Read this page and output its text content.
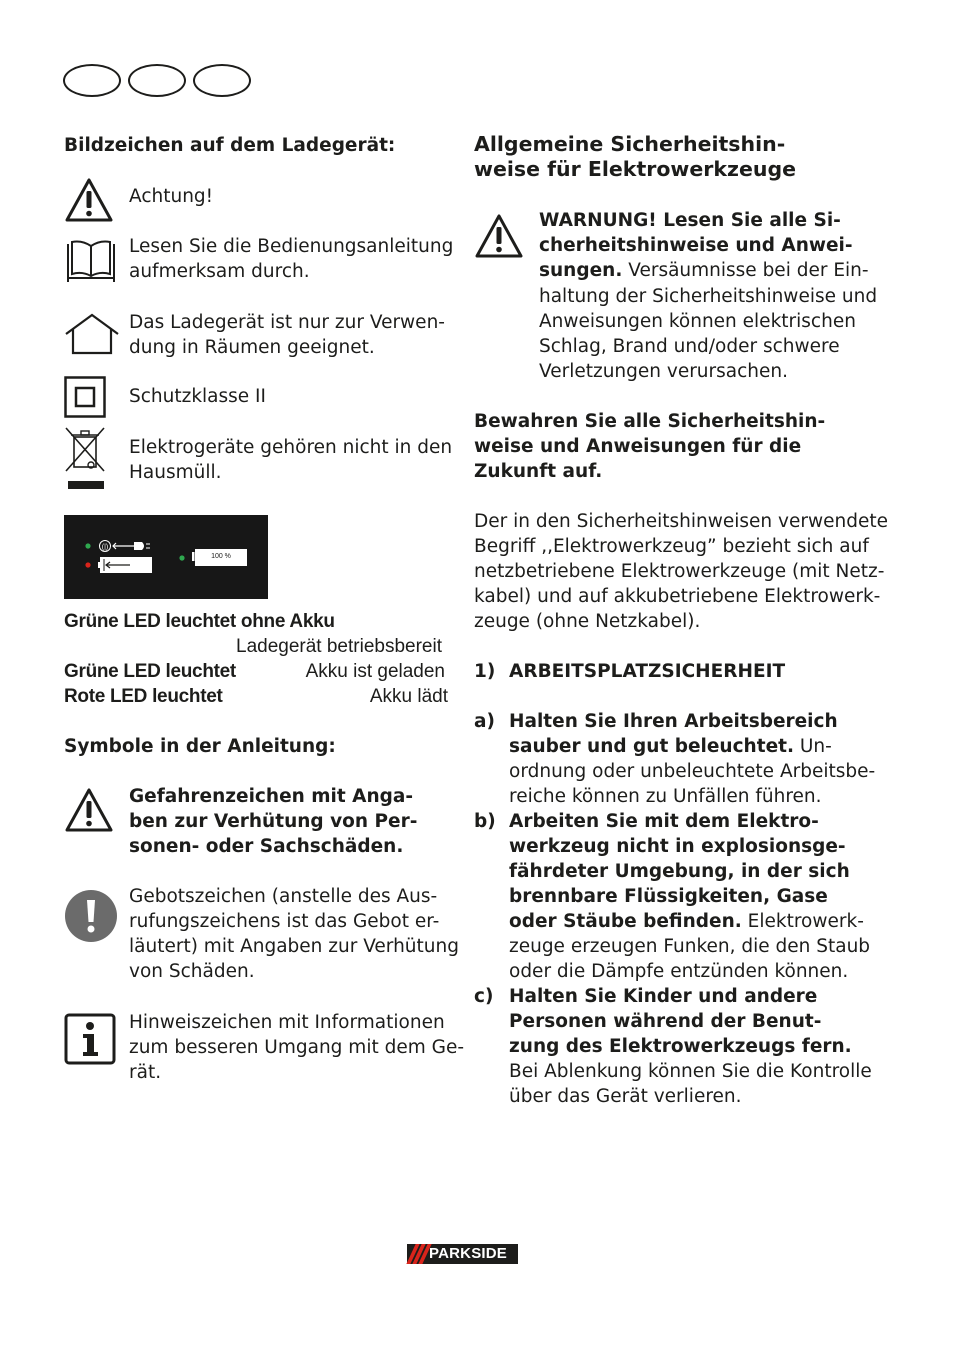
Bildzeichen auf dem Ladegerät:
Achtung!
Lesen Sie die Bedienungsanleitung
aufmerksam durch.
Das Ladegerät ist nur zur Verwen-
dung in Räumen geeignet.
Schutzklasse II
Elektrogeräte gehören nicht in den
Hausmüll.
(|)
100 %
Grüne LED leuchtet ohne Akku
Ladegerät betriebsbereit
Grüne LED leuchtet	Akku ist geladen
Rote LED leuchtet	Akku lädt
Symbole in der Anleitung:
Gefahrenzeichen mit Anga-
ben zur Verhütung von Per-
sonen- oder Sachschäden.
Gebotszeichen (anstelle des Aus-
rufungszeichens ist das Gebot er-
läutert) mit Angaben zur Verhütung
von Schäden.
Hinweiszeichen mit Informationen
zum besseren Umgang mit dem Ge-
rät.
Allgemeine Sicherheitshin-
weise für Elektrowerkzeuge
WARNUNG! Lesen Sie alle Si-
cherheitshinweise und Anwei-
sungen. Versäumnisse bei der Ein-
haltung der Sicherheitshinweise und
Anweisungen können elektrischen
Schlag, Brand und/oder schwere
Verletzungen verursachen.
Bewahren Sie alle Sicherheitshin-
weise und Anweisungen für die
Zukunft auf.
Der in den Sicherheitshinweisen verwendete
Begriff ,,Elektrowerkzeug” bezieht sich auf
netzbetriebene Elektrowerkzeuge (mit Netz-
kabel) und auf akkubetriebene Elektrowerk-
zeuge (ohne Netzkabel).
1) ARBEITSPLATZSICHERHEIT
a) Halten Sie Ihren Arbeitsbereich
sauber und gut beleuchtet. Un-
ordnung oder unbeleuchtete Arbeitsbe-
reiche können zu Unfällen führen.
b) Arbeiten Sie mit dem Elektro-
werkzeug nicht in explosionsge-
fährdeter Umgebung, in der sich
brennbare Flüssigkeiten, Gase
oder Stäube befinden. Elektrowerk-
zeuge erzeugen Funken, die den Staub
oder die Dämpfe entzünden können.
c) Halten Sie Kinder und andere
Personen während der Benut-
zung des Elektrowerkzeugs fern.
Bei Ablenkung können Sie die Kontrolle
über das Gerät verlieren.
PARKSIDE
